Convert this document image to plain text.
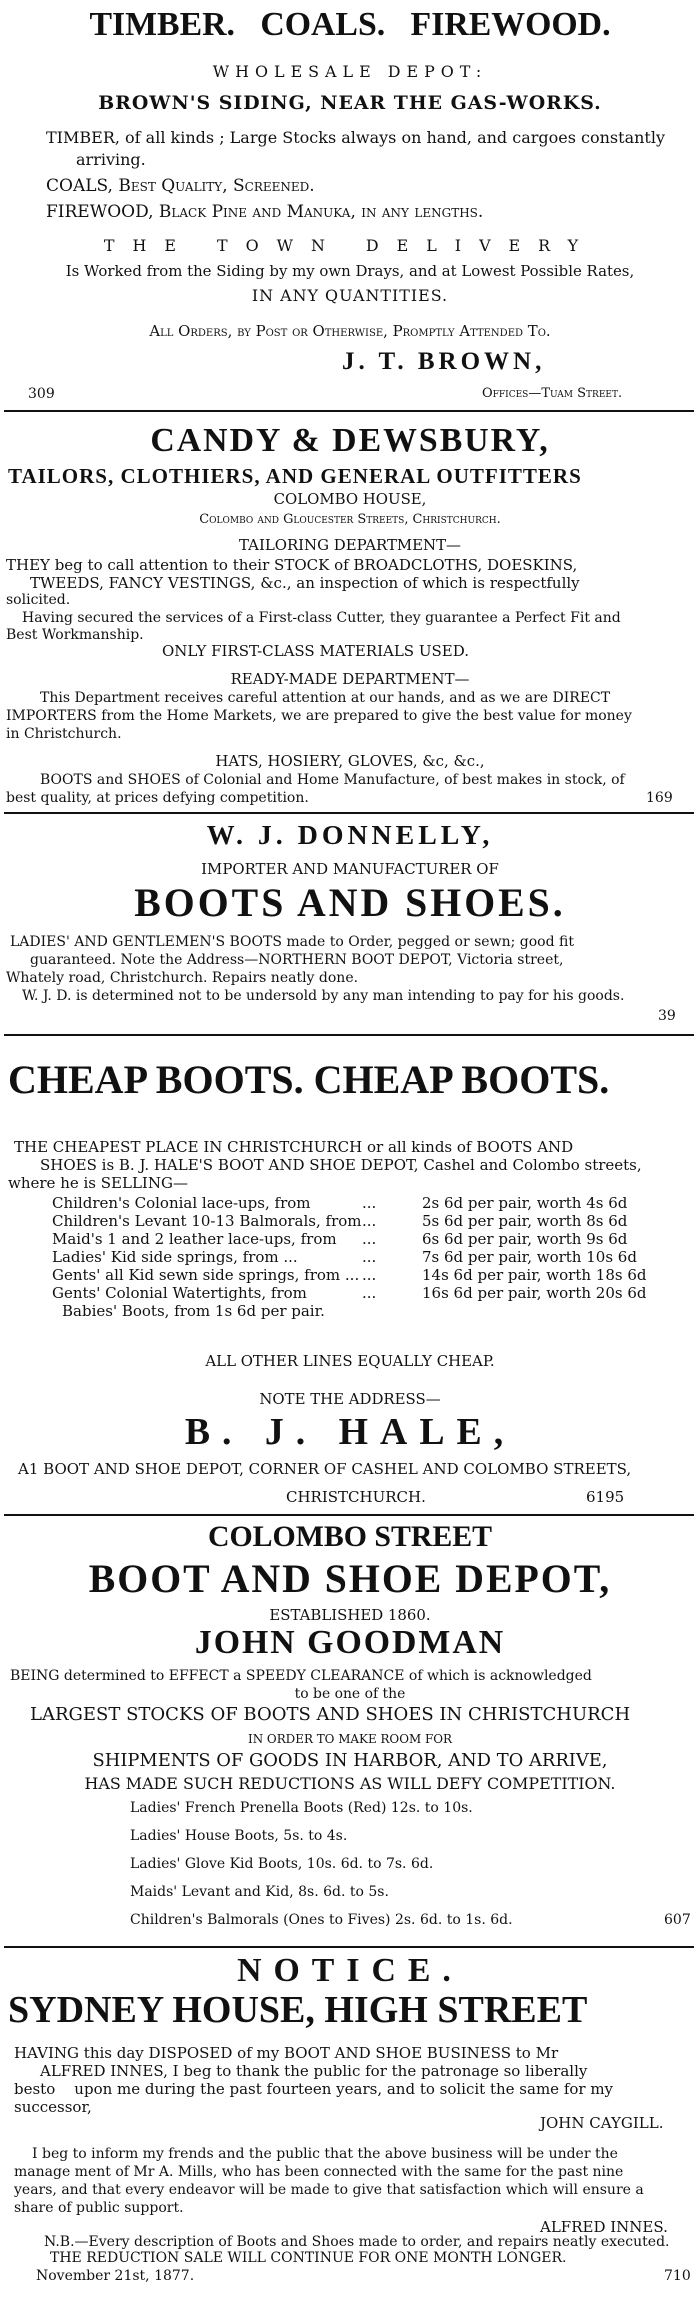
TIMBER.   COALS.   FIREWOOD.
WHOLESALE DEPOT:
BROWN'S SIDING, NEAR THE GAS-WORKS.
TIMBER, of all kinds ; Large Stocks always on hand, and cargoes constantly
arriving.
COALS, Best Quality, Screened.
FIREWOOD, Black Pine and Manuka, in any lengths.
THE TOWN DELIVERY
Is Worked from the Siding by my own Drays, and at Lowest Possible Rates,
IN ANY QUANTITIES.
All Orders, by Post or Otherwise, Promptly Attended To.
J. T. BROWN,
309	Offices—Tuam Street.
CANDY & DEWSBURY,
TAILORS, CLOTHIERS, AND GENERAL OUTFITTERS
COLOMBO HOUSE,
Colombo and Gloucester Streets, Christchurch.
TAILORING DEPARTMENT—
THEY beg to call attention to their STOCK of BROADCLOTHS, DOESKINS,
TWEEDS, FANCY VESTINGS, &c., an inspection of which is respectfully
solicited.
Having secured the services of a First-class Cutter, they guarantee a Perfect Fit and
Best Workmanship.
ONLY FIRST-CLASS MATERIALS USED.
READY-MADE DEPARTMENT—
This Department receives careful attention at our hands, and as we are DIRECT
IMPORTERS from the Home Markets, we are prepared to give the best value for money
in Christchurch.
HATS, HOSIERY, GLOVES, &c, &c.,
BOOTS and SHOES of Colonial and Home Manufacture, of best makes in stock, of
best quality, at prices defying competition.	169
W. J. DONNELLY,
IMPORTER AND MANUFACTURER OF
BOOTS AND SHOES.
LADIES' AND GENTLEMEN'S BOOTS made to Order, pegged or sewn; good fit
guaranteed. Note the Address—NORTHERN BOOT DEPOT, Victoria street,
Whately road, Christchurch. Repairs neatly done.
W. J. D. is determined not to be undersold by any man intending to pay for his goods.
39
CHEAP BOOTS. CHEAP BOOTS.
THE CHEAPEST PLACE IN CHRISTCHURCH or all kinds of BOOTS AND
SHOES is B. J. HALE'S BOOT AND SHOE DEPOT, Cashel and Colombo streets,
where he is SELLING—
Children's Colonial lace-ups, from	...	2s 6d per pair, worth 4s 6d
Children's Levant 10-13 Balmorals, from ...	5s 6d per pair, worth 8s 6d
Maid's 1 and 2 leather lace-ups, from ...	6s 6d per pair, worth 9s 6d
Ladies' Kid side springs, from ...	...	7s 6d per pair, worth 10s 6d
Gents' all Kid sewn side springs, from ... ...	14s 6d per pair, worth 18s 6d
Gents' Colonial Watertights, from	...	16s 6d per pair, worth 20s 6d
Babies' Boots, from 1s 6d per pair.
ALL OTHER LINES EQUALLY CHEAP.
NOTE THE ADDRESS—
B. J. HALE,
A1 BOOT AND SHOE DEPOT, CORNER OF CASHEL AND COLOMBO STREETS,
CHRISTCHURCH.	6195
COLOMBO STREET
BOOT AND SHOE DEPOT,
ESTABLISHED 1860.
JOHN GOODMAN
BEING determined to EFFECT a SPEEDY CLEARANCE of which is acknowledged
to be one of the
LARGEST STOCKS OF BOOTS AND SHOES IN CHRISTCHURCH
IN ORDER TO MAKE ROOM FOR
SHIPMENTS OF GOODS IN HARBOR, AND TO ARRIVE,
HAS MADE SUCH REDUCTIONS AS WILL DEFY COMPETITION.
Ladies' French Prenella Boots (Red) 12s. to 10s.
Ladies' House Boots, 5s. to 4s.
Ladies' Glove Kid Boots, 10s. 6d. to 7s. 6d.
Maids' Levant and Kid, 8s. 6d. to 5s.
Children's Balmorals (Ones to Fives) 2s. 6d. to 1s. 6d.	607
NOTICE.
SYDNEY HOUSE, HIGH STREET
HAVING this day DISPOSED of my BOOT AND SHOE BUSINESS to Mr
ALFRED INNES, I beg to thank the public for the patronage so liberally
besto    upon me during the past fourteen years, and to solicit the same for my
successor,
JOHN CAYGILL.
I beg to inform my frends and the public that the above business will be under the
manage ment of Mr A. Mills, who has been connected with the same for the past nine
years, and that every endeavor will be made to give that satisfaction which will ensure a
share of public support.
ALFRED INNES.
N.B.—Every description of Boots and Shoes made to order, and repairs neatly executed.
THE REDUCTION SALE WILL CONTINUE FOR ONE MONTH LONGER.
November 21st, 1877.	710
